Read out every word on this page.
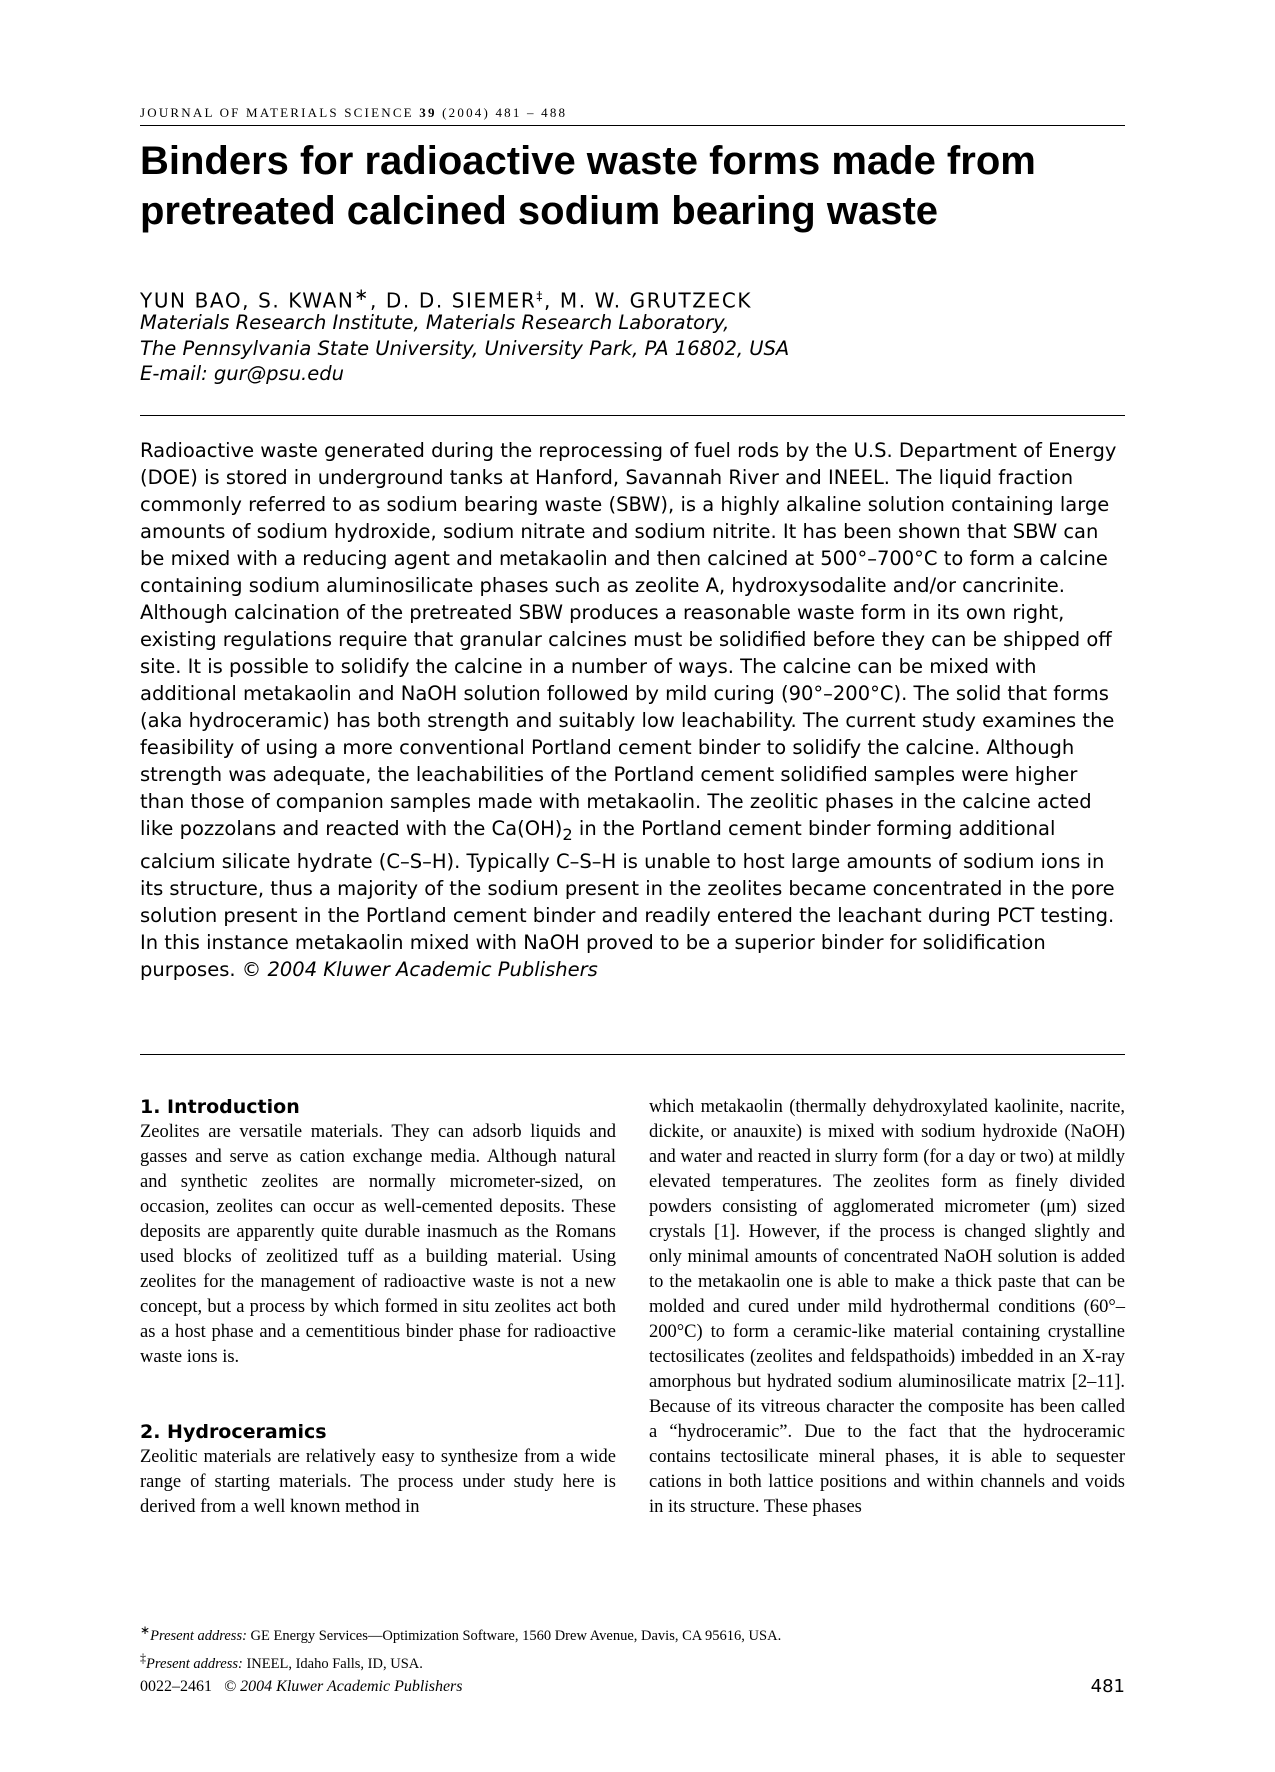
JOURNAL OF MATERIALS SCIENCE 39 (2004) 481 – 488
Binders for radioactive waste forms made from
pretreated calcined sodium bearing waste
YUN BAO, S. KWAN∗, D. D. SIEMER‡, M. W. GRUTZECK
Materials Research Institute, Materials Research Laboratory,
The Pennsylvania State University, University Park, PA 16802, USA
E-mail: gur@psu.edu

Radioactive waste generated during the reprocessing of fuel rods by the U.S. Department of Energy (DOE) is stored in underground tanks at Hanford, Savannah River and INEEL. The liquid fraction commonly referred to as sodium bearing waste (SBW), is a highly alkaline solution containing large amounts of sodium hydroxide, sodium nitrate and sodium nitrite. It has been shown that SBW can be mixed with a reducing agent and metakaolin and then calcined at 500°–700°C to form a calcine containing sodium aluminosilicate phases such as zeolite A, hydroxysodalite and/or cancrinite. Although calcination of the pretreated SBW produces a reasonable waste form in its own right, existing regulations require that granular calcines must be solidified before they can be shipped off site. It is possible to solidify the calcine in a number of ways. The calcine can be mixed with additional metakaolin and NaOH solution followed by mild curing (90°–200°C). The solid that forms (aka hydroceramic) has both strength and suitably low leachability. The current study examines the feasibility of using a more conventional Portland cement binder to solidify the calcine. Although strength was adequate, the leachabilities of the Portland cement solidified samples were higher than those of companion samples made with metakaolin. The zeolitic phases in the calcine acted like pozzolans and reacted with the $Ca(OH)_2$ in the Portland cement binder forming additional calcium silicate hydrate (C–S–H). Typically C–S–H is unable to host large amounts of sodium ions in its structure, thus a majority of the sodium present in the zeolites became concentrated in the pore solution present in the Portland cement binder and readily entered the leachant during PCT testing. In this instance metakaolin mixed with NaOH proved to be a superior binder for solidification purposes. © 2004 Kluwer Academic Publishers

1. Introduction

Zeolites are versatile materials. They can adsorb liquids and gasses and serve as cation exchange media. Although natural and synthetic zeolites are normally micrometer-sized, on occasion, zeolites can occur as well-cemented deposits. These deposits are apparently quite durable inasmuch as the Romans used blocks of zeolitized tuff as a building material. Using zeolites for the management of radioactive waste is not a new concept, but a process by which formed in situ zeolites act both as a host phase and a cementitious binder phase for radioactive waste ions is.

2. Hydroceramics

Zeolitic materials are relatively easy to synthesize from a wide range of starting materials. The process under study here is derived from a well known method in

which metakaolin (thermally dehydroxylated kaolinite, nacrite, dickite, or anauxite) is mixed with sodium hydroxide (NaOH) and water and reacted in slurry form (for a day or two) at mildly elevated temperatures. The zeolites form as finely divided powders consisting of agglomerated micrometer (μm) sized crystals [1]. However, if the process is changed slightly and only minimal amounts of concentrated NaOH solution is added to the metakaolin one is able to make a thick paste that can be molded and cured under mild hydrothermal conditions (60°–200°C) to form a ceramic-like material containing crystalline tectosilicates (zeolites and feldspathoids) imbedded in an X-ray amorphous but hydrated sodium aluminosilicate matrix [2–11]. Because of its vitreous character the composite has been called a “hydroceramic”. Due to the fact that the hydroceramic contains tectosilicate mineral phases, it is able to sequester cations in both lattice positions and within channels and voids in its structure. These phases

∗Present address: GE Energy Services—Optimization Software, 1560 Drew Avenue, Davis, CA 95616, USA.
‡Present address: INEEL, Idaho Falls, ID, USA.
0022–2461 © 2004 Kluwer Academic Publishers	481
